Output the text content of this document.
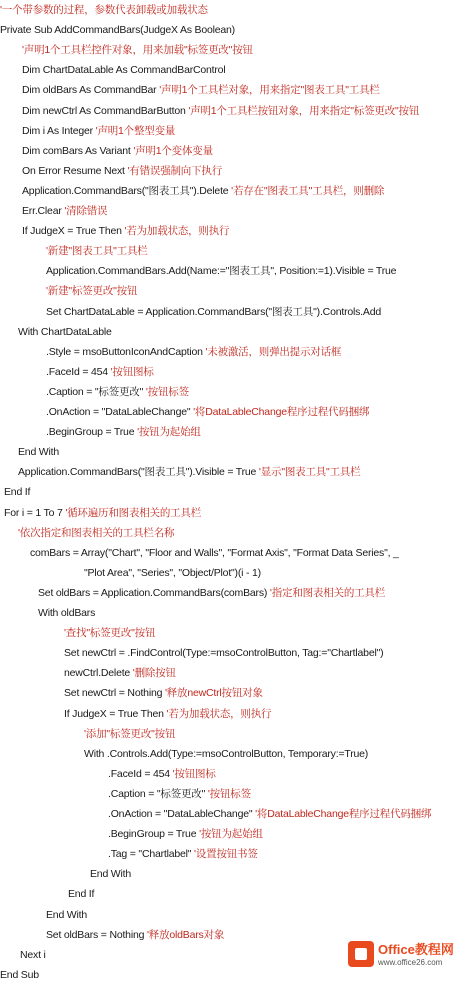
'一个带参数的过程，参数代表卸载或加载状态
Private Sub AddCommandBars(JudgeX As Boolean)
'声明1个工具栏控件对象，用来加载"标签更改"按钮
Dim ChartDataLable As CommandBarControl
Dim oldBars As CommandBar '声明1个工具栏对象，用来指定"图表工具"工具栏
Dim newCtrl As CommandBarButton '声明1个工具栏按钮对象，用来指定"标签更改"按钮
Dim i As Integer '声明1个整型变量
Dim comBars As Variant '声明1个变体变量
On Error Resume Next '有错误强制向下执行
Application.CommandBars("图表工具").Delete '若存在"图表工具"工具栏，则删除
Err.Clear '清除错误
If JudgeX = True Then '若为加载状态，则执行
'新建"图表工具"工具栏
Application.CommandBars.Add(Name:="图表工具", Position:=1).Visible = True
'新建"标签更改"按钮
Set ChartDataLable = Application.CommandBars("图表工具").Controls.Add
With ChartDataLable
.Style = msoButtonIconAndCaption '未被激活，则弹出提示对话框
.FaceId = 454 '按钮图标
.Caption = "标签更改" '按钮标签
.OnAction = "DataLableChange" '将DataLableChange程序过程代码捆绑
.BeginGroup = True '按钮为起始组
End With
Application.CommandBars("图表工具").Visible = True '显示"图表工具"工具栏
End If
For i = 1 To 7 '循环遍历和图表相关的工具栏
'依次指定和图表相关的工具栏名称
comBars = Array("Chart", "Floor and Walls", "Format Axis", "Format Data Series", _
"Plot Area", "Series", "Object/Plot")(i - 1)
Set oldBars = Application.CommandBars(comBars) '指定和图表相关的工具栏
With oldBars
'查找"标签更改"按钮
Set newCtrl = .FindControl(Type:=msoControlButton, Tag:="Chartlabel")
newCtrl.Delete '删除按钮
Set newCtrl = Nothing '释放newCtrl按钮对象
If JudgeX = True Then '若为加载状态，则执行
'添加"标签更改"按钮
With .Controls.Add(Type:=msoControlButton, Temporary:=True)
.FaceId = 454 '按钮图标
.Caption = "标签更改" '按钮标签
.OnAction = "DataLableChange" '将DataLableChange程序过程代码捆绑
.BeginGroup = True '按钮为起始组
.Tag = "Chartlabel" '设置按钮书签
End With
End If
End With
Set oldBars = Nothing '释放oldBars对象
Next i
End Sub
Office教程网
www.office26.com
